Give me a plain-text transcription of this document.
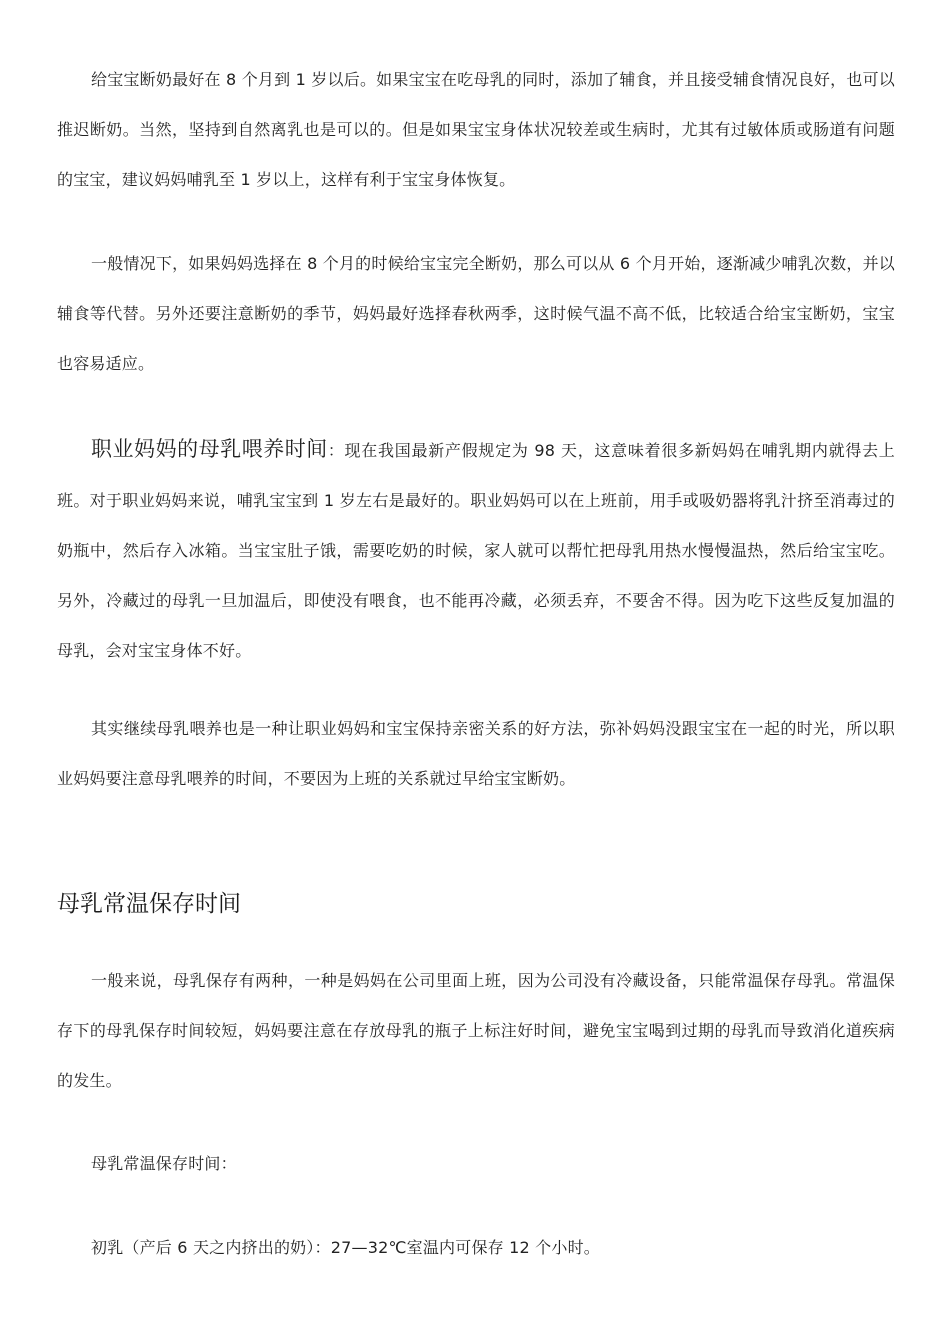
给宝宝断奶最好在 8 个月到 1 岁以后。如果宝宝在吃母乳的同时，添加了辅食，并且接受辅食情况良好，也可以推迟断奶。当然，坚持到自然离乳也是可以的。但是如果宝宝身体状况较差或生病时，尤其有过敏体质或肠道有问题的宝宝，建议妈妈哺乳至 1 岁以上，这样有利于宝宝身体恢复。

一般情况下，如果妈妈选择在 8 个月的时候给宝宝完全断奶，那么可以从 6 个月开始，逐渐减少哺乳次数，并以辅食等代替。另外还要注意断奶的季节，妈妈最好选择春秋两季，这时候气温不高不低，比较适合给宝宝断奶，宝宝也容易适应。

职业妈妈的母乳喂养时间：现在我国最新产假规定为 98 天，这意味着很多新妈妈在哺乳期内就得去上班。对于职业妈妈来说，哺乳宝宝到 1 岁左右是最好的。职业妈妈可以在上班前，用手或吸奶器将乳汁挤至消毒过的奶瓶中，然后存入冰箱。当宝宝肚子饿，需要吃奶的时候，家人就可以帮忙把母乳用热水慢慢温热，然后给宝宝吃。另外，冷藏过的母乳一旦加温后，即使没有喂食，也不能再冷藏，必须丢弃，不要舍不得。因为吃下这些反复加温的母乳，会对宝宝身体不好。

其实继续母乳喂养也是一种让职业妈妈和宝宝保持亲密关系的好方法，弥补妈妈没跟宝宝在一起的时光，所以职业妈妈要注意母乳喂养的时间，不要因为上班的关系就过早给宝宝断奶。

母乳常温保存时间

一般来说，母乳保存有两种，一种是妈妈在公司里面上班，因为公司没有冷藏设备，只能常温保存母乳。常温保存下的母乳保存时间较短，妈妈要注意在存放母乳的瓶子上标注好时间，避免宝宝喝到过期的母乳而导致消化道疾病的发生。

母乳常温保存时间：

初乳（产后 6 天之内挤出的奶）：27—32℃室温内可保存 12 个小时。
